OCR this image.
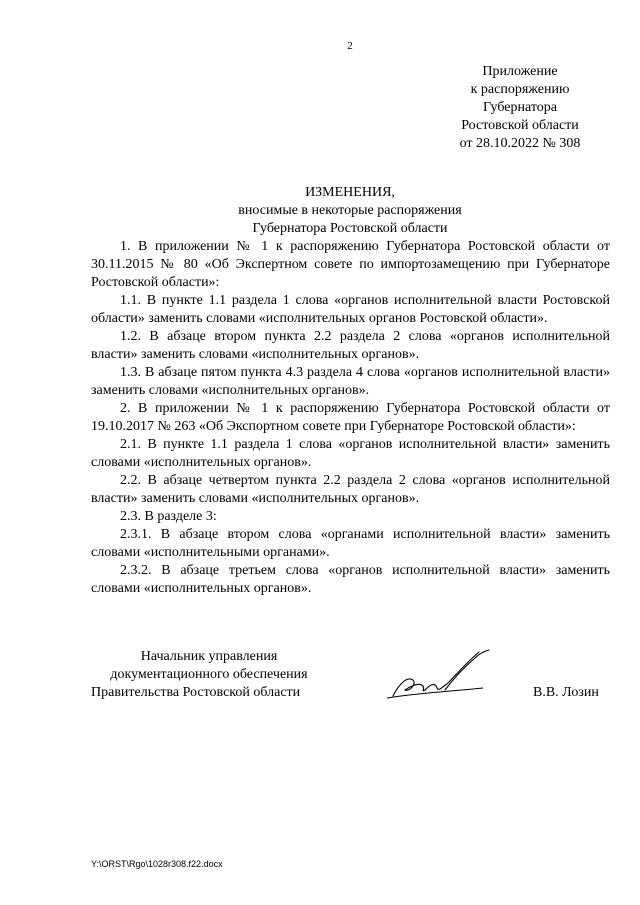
2
Приложение
к распоряжению
Губернатора
Ростовской области
от 28.10.2022 № 308
ИЗМЕНЕНИЯ,
вносимые в некоторые распоряжения
Губернатора Ростовской области

1. В приложении № 1 к распоряжению Губернатора Ростовской области от 30.11.2015 № 80 «Об Экспертном совете по импортозамещению при Губернаторе Ростовской области»:

1.1. В пункте 1.1 раздела 1 слова «органов исполнительной власти Ростовской области» заменить словами «исполнительных органов Ростовской области».

1.2. В абзаце втором пункта 2.2 раздела 2 слова «органов исполнительной власти» заменить словами «исполнительных органов».

1.3. В абзаце пятом пункта 4.3 раздела 4 слова «органов исполнительной власти» заменить словами «исполнительных органов».

2. В приложении № 1 к распоряжению Губернатора Ростовской области от 19.10.2017 № 263 «Об Экспортном совете при Губернаторе Ростовской области»:

2.1. В пункте 1.1 раздела 1 слова «органов исполнительной власти» заменить словами «исполнительных органов».

2.2. В абзаце четвертом пункта 2.2 раздела 2 слова «органов исполнительной власти» заменить словами «исполнительных органов».

2.3. В разделе 3:

2.3.1. В абзаце втором слова «органами исполнительной власти» заменить словами «исполнительными органами».

2.3.2. В абзаце третьем слова «органов исполнительной власти» заменить словами «исполнительных органов».

Начальник управления
документационного обеспечения
Правительства Ростовской области	В.В. Лозин
Y:\ORST\Rgo\1028r308.f22.docx
